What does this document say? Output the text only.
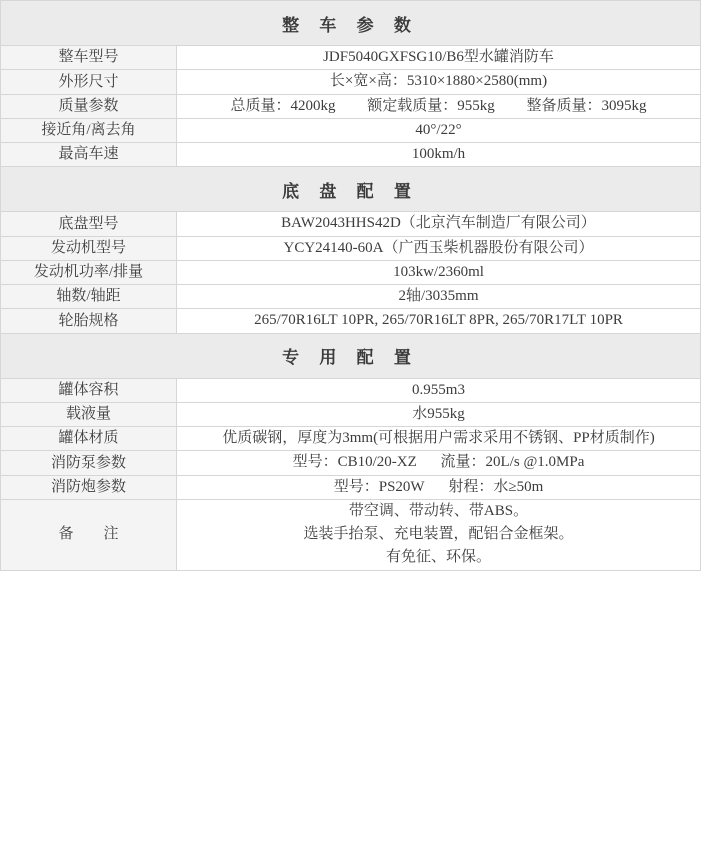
整 车 参 数	
整车型号	JDF5040GXFSG10/B6型水罐消防车
外形尺寸	长×宽×高：5310×1880×2580(mm)
质量参数	总质量：4200kg 额定载质量：955kg 整备质量：3095kg
接近角/离去角	40°/22°
最高车速	100km/h
底 盘 配 置	
底盘型号	BAW2043HHS42D（北京汽车制造厂有限公司）
发动机型号	YCY24140-60A（广西玉柴机器股份有限公司）
发动机功率/排量	103kw/2360ml
轴数/轴距	2轴/3035mm
轮胎规格	265/70R16LT 10PR, 265/70R16LT 8PR, 265/70R17LT 10PR
专 用 配 置	
罐体容积	0.955m3
载液量	水955kg
罐体材质	优质碳钢，厚度为3mm(可根据用户需求采用不锈钢、PP材质制作)
消防泵参数	型号：CB10/20-XZ 流量：20L/s @1.0MPa
消防炮参数	型号：PS20W 射程：水≥50m
备　　注	带空调、带动转、带ABS。
选装手抬泵、充电装置，配铝合金框架。
有免征、环保。
